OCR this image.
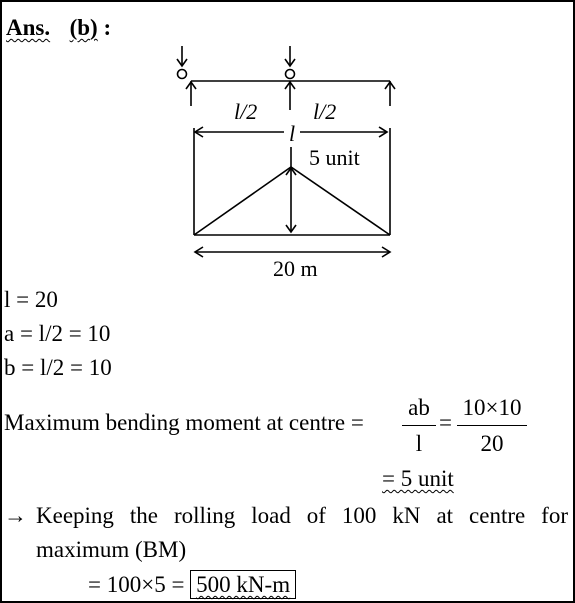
Ans. (b) :
l/2	l/2
l
5 unit
20 m
l = 20
a = l/2 = 10
b = l/2 = 10
Maximum bending moment at centre = $\frac{ab}{l} = \frac{10\times 10}{20}$
= 5 unit
→ Keeping the rolling load of 100 kN at centre for
maximum (BM)
= 100×5 = 500 kN-m
